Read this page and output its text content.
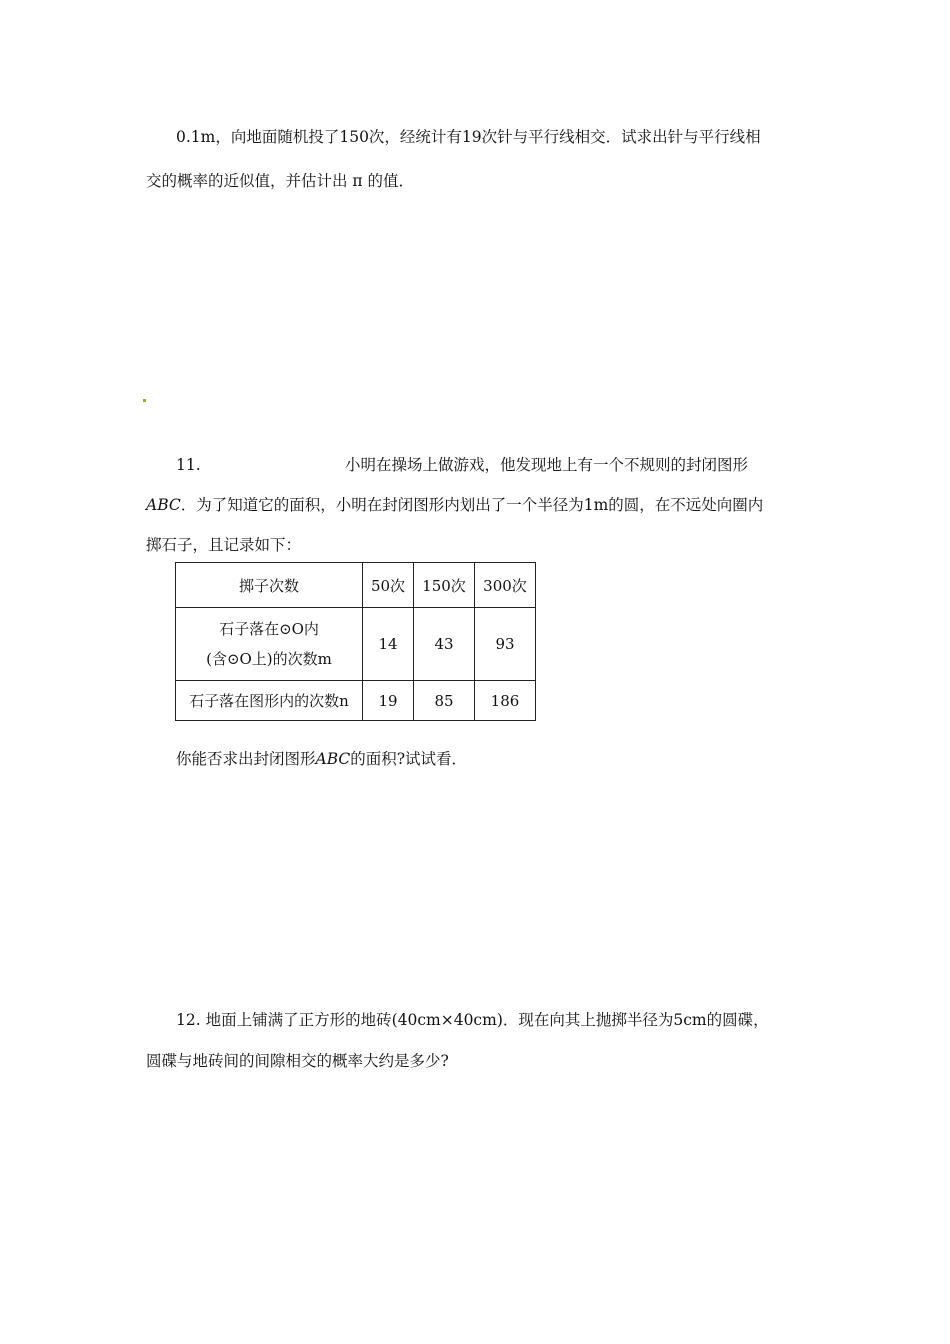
0.1m，向地面随机投了150次，经统计有19次针与平行线相交．试求出针与平行线相
交的概率的近似值，并估计出 π 的值．
11.	小明在操场上做游戏，他发现地上有一个不规则的封闭图形
ABC．为了知道它的面积，小明在封闭图形内划出了一个半径为1m的圆，在不远处向圈内
掷石子，且记录如下：
掷子次数	50次	150次	300次

石子落在⊙O内
(含⊙O上)的次数m	14	43	93
石子落在图形内的次数n	19	85	186
你能否求出封闭图形ABC的面积?试试看．
12. 地面上铺满了正方形的地砖(40cm×40cm)．现在向其上抛掷半径为5cm的圆碟，
圆碟与地砖间的间隙相交的概率大约是多少?
